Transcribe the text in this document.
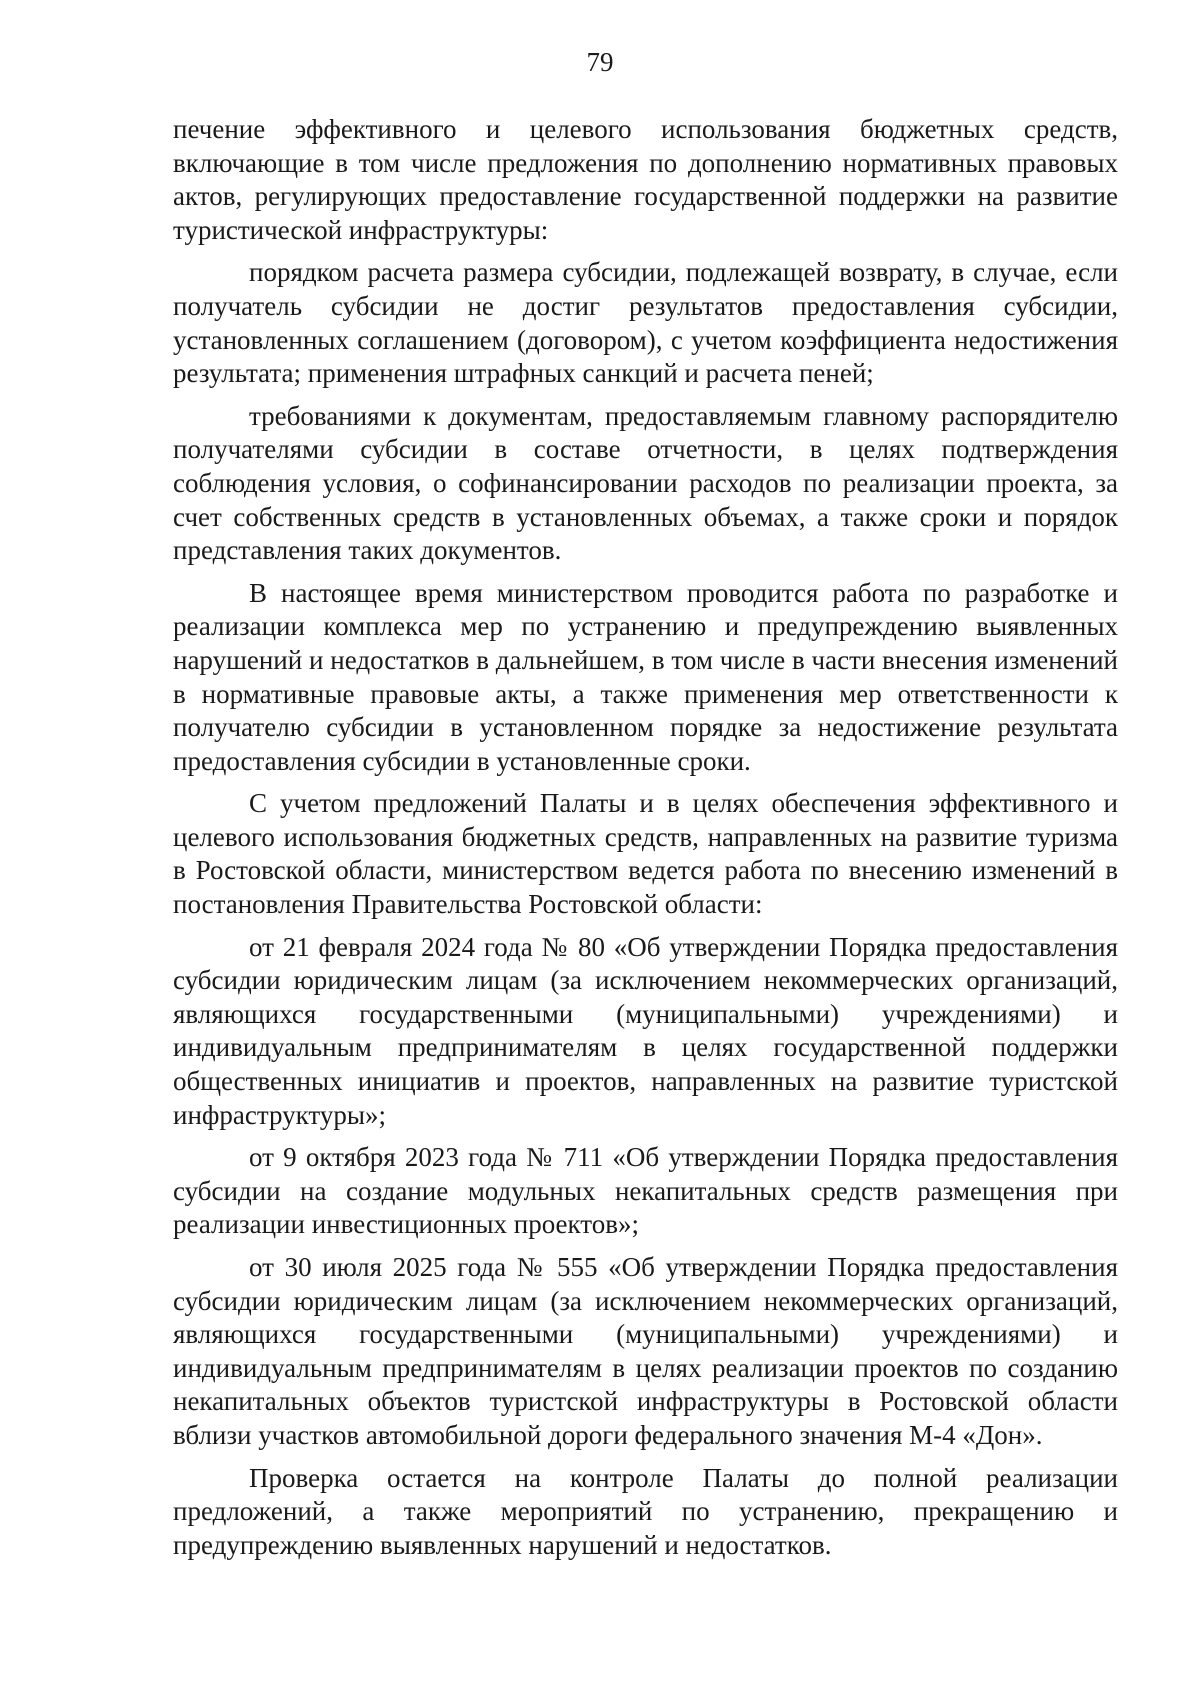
79

печение эффективного и целевого использования бюджетных средств, включающие в том числе предложения по дополнению нормативных правовых актов, регулирующих предоставление государственной поддержки на развитие туристической инфраструктуры:

порядком расчета размера субсидии, подлежащей возврату, в случае, если получатель субсидии не достиг результатов предоставления субсидии, установленных соглашением (договором), с учетом коэффициента недостижения результата; применения штрафных санкций и расчета пеней;

требованиями к документам, предоставляемым главному распорядителю получателями субсидии в составе отчетности, в целях подтверждения соблюдения условия, о софинансировании расходов по реализации проекта, за счет собственных средств в установленных объемах, а также сроки и порядок представления таких документов.

В настоящее время министерством проводится работа по разработке и реализации комплекса мер по устранению и предупреждению выявленных нарушений и недостатков в дальнейшем, в том числе в части внесения изменений в нормативные правовые акты, а также применения мер ответственности к получателю субсидии в установленном порядке за недостижение результата предоставления субсидии в установленные сроки.

С учетом предложений Палаты и в целях обеспечения эффективного и целевого использования бюджетных средств, направленных на развитие туризма в Ростовской области, министерством ведется работа по внесению изменений в постановления Правительства Ростовской области:

от 21 февраля 2024 года № 80 «Об утверждении Порядка предоставления субсидии юридическим лицам (за исключением некоммерческих организаций, являющихся государственными (муниципальными) учреждениями) и индивидуальным предпринимателям в целях государственной поддержки общественных инициатив и проектов, направленных на развитие туристской инфраструктуры»;

от 9 октября 2023 года № 711 «Об утверждении Порядка предоставления субсидии на создание модульных некапитальных средств размещения при реализации инвестиционных проектов»;

от 30 июля 2025 года № 555 «Об утверждении Порядка предоставления субсидии юридическим лицам (за исключением некоммерческих организаций, являющихся государственными (муниципальными) учреждениями) и индивидуальным предпринимателям в целях реализации проектов по созданию некапитальных объектов туристской инфраструктуры в Ростовской области вблизи участков автомобильной дороги федерального значения М-4 «Дон».

Проверка остается на контроле Палаты до полной реализации предложений, а также мероприятий по устранению, прекращению и предупреждению выявленных нарушений и недостатков.
